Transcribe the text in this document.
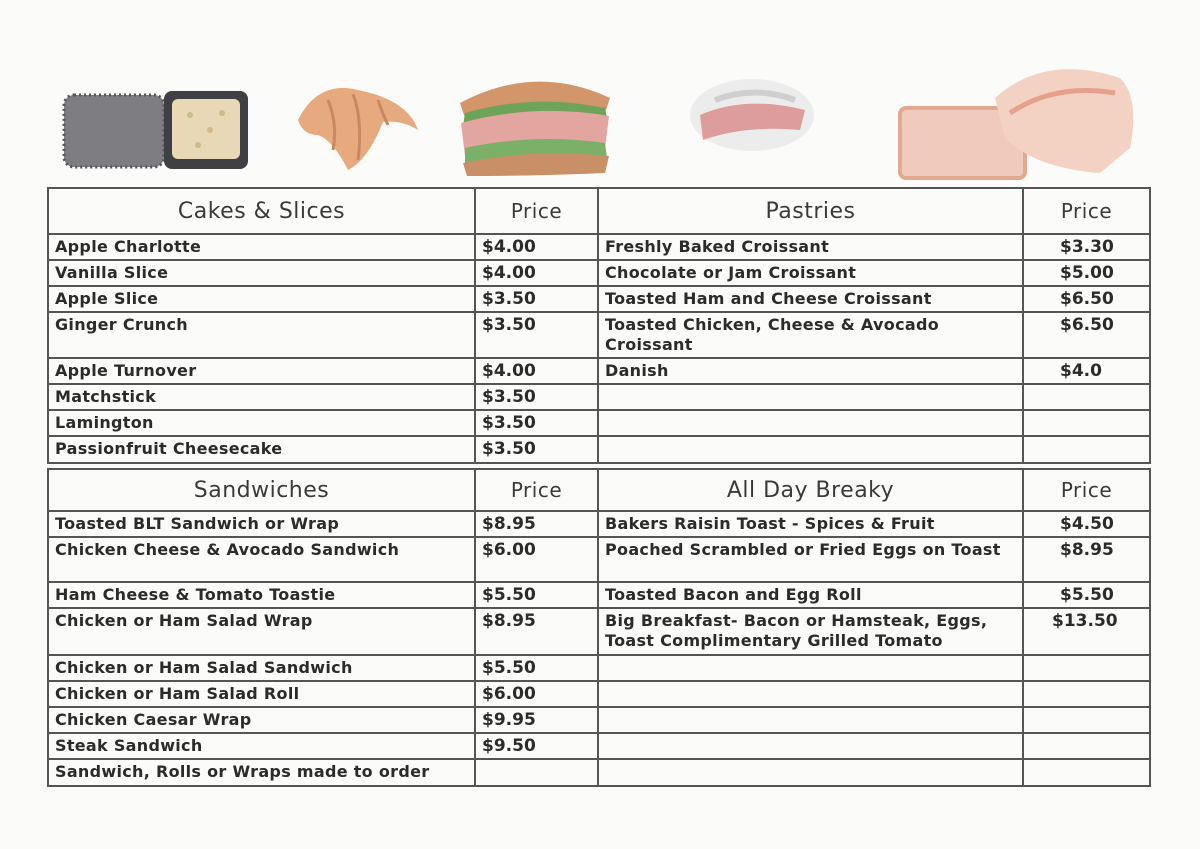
Cakes & Slices	Price	Pastries	Price
Apple Charlotte	$4.00	Freshly Baked Croissant	$3.30
Vanilla Slice	$4.00	Chocolate or Jam Croissant	$5.00
Apple Slice	$3.50	Toasted Ham and Cheese Croissant	$6.50
Ginger Crunch	$3.50	Toasted Chicken, Cheese & Avocado Croissant	$6.50
Apple Turnover	$4.00	Danish	$4.0
Matchstick	$3.50		
Lamington	$3.50		
Passionfruit Cheesecake	$3.50		
Sandwiches	Price	All Day Breaky	Price
Toasted BLT Sandwich or Wrap	$8.95	Bakers Raisin Toast - Spices & Fruit	$4.50
Chicken Cheese & Avocado Sandwich	$6.00	Poached Scrambled or Fried Eggs on Toast	$8.95
Ham Cheese & Tomato Toastie	$5.50	Toasted Bacon and Egg Roll	$5.50
Chicken or Ham Salad Wrap	$8.95	Big Breakfast- Bacon or Hamsteak, Eggs, Toast Complimentary Grilled Tomato	$13.50
Chicken or Ham Salad Sandwich	$5.50		
Chicken or Ham Salad Roll	$6.00		
Chicken Caesar Wrap	$9.95		
Steak Sandwich	$9.50		
Sandwich, Rolls or Wraps made to order			
